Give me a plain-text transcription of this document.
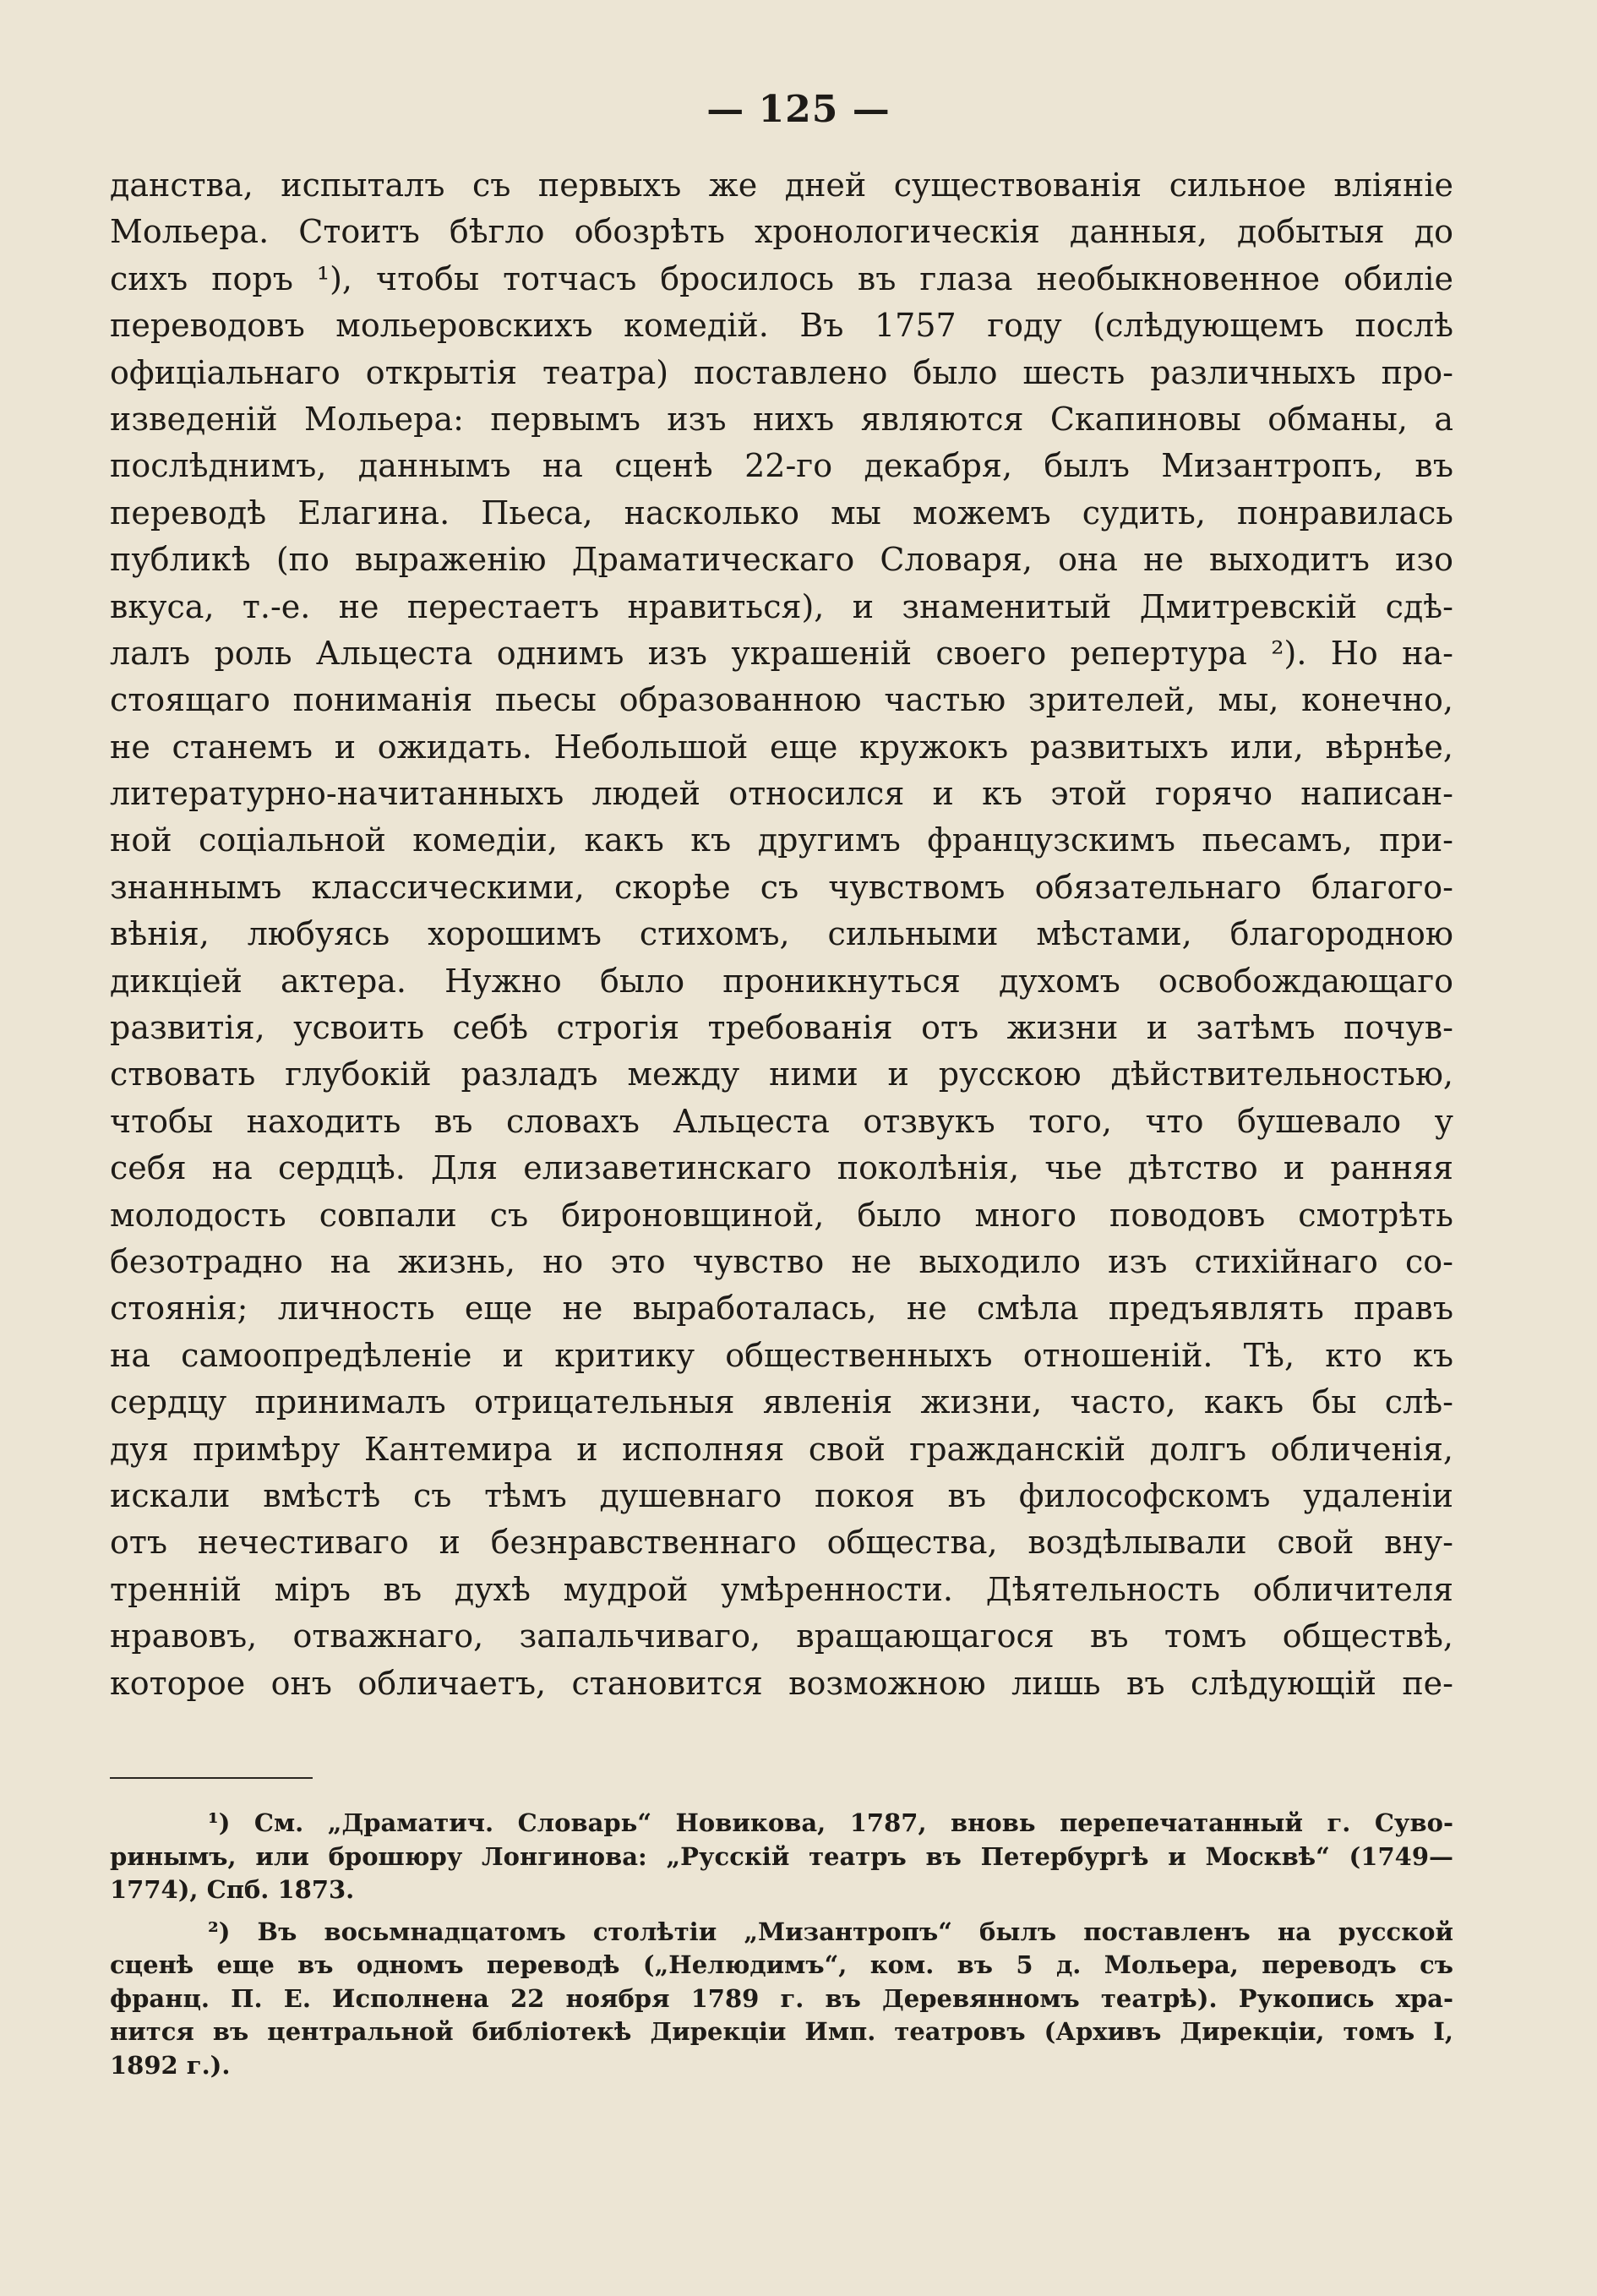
— 125 —
данства, испыталъ съ первыхъ же дней существованія сильное вліяніе
Мольера. Стоитъ бѣгло обозрѣть хронологическія данныя, добытыя до
сихъ поръ ¹), чтобы тотчасъ бросилось въ глаза необыкновенное обиліе
переводовъ мольеровскихъ комедій. Въ 1757 году (слѣдующемъ послѣ
офиціальнаго открытія театра) поставлено было шесть различныхъ про-
изведеній Мольера: первымъ изъ нихъ являются Скапиновы обманы, а
послѣднимъ, даннымъ на сценѣ 22-го декабря, былъ Мизантропъ, въ
переводѣ Елагина. Пьеса, насколько мы можемъ судить, понравилась
публикѣ (по выраженію Драматическаго Словаря, она не выходитъ изо
вкуса, т.-е. не перестаетъ нравиться), и знаменитый Дмитревскій сдѣ-
лалъ роль Альцеста однимъ изъ украшеній своего репертура ²). Но на-
стоящаго пониманія пьесы образованною частью зрителей, мы, конечно,
не станемъ и ожидать. Небольшой еще кружокъ развитыхъ или, вѣрнѣе,
литературно-начитанныхъ людей относился и къ этой горячо написан-
ной соціальной комедіи, какъ къ другимъ французскимъ пьесамъ, при-
знаннымъ классическими, скорѣе съ чувствомъ обязательнаго благого-
вѣнія, любуясь хорошимъ стихомъ, сильными мѣстами, благородною
дикціей актера. Нужно было проникнуться духомъ освобождающаго
развитія, усвоить себѣ строгія требованія отъ жизни и затѣмъ почув-
ствовать глубокій разладъ между ними и русскою дѣйствительностью,
чтобы находить въ словахъ Альцеста отзвукъ того, что бушевало у
себя на сердцѣ. Для елизаветинскаго поколѣнія, чье дѣтство и ранняя
молодость совпали съ бироновщиной, было много поводовъ смотрѣть
безотрадно на жизнь, но это чувство не выходило изъ стихійнаго со-
стоянія; личность еще не выработалась, не смѣла предъявлять правъ
на самоопредѣленіе и критику общественныхъ отношеній. Тѣ, кто къ
сердцу принималъ отрицательныя явленія жизни, часто, какъ бы слѣ-
дуя примѣру Кантемира и исполняя свой гражданскій долгъ обличенія,
искали вмѣстѣ съ тѣмъ душевнаго покоя въ философскомъ удаленіи
отъ нечестиваго и безнравственнаго общества, воздѣлывали свой вну-
тренній міръ въ духѣ мудрой умѣренности. Дѣятельность обличителя
нравовъ, отважнаго, запальчиваго, вращающагося въ томъ обществѣ,
которое онъ обличаетъ, становится возможною лишь въ слѣдующій пе-
¹) См. „Драматич. Словарь“ Новикова, 1787, вновь перепечатанный г. Суво-
ринымъ, или брошюру Лонгинова: „Русскій театръ въ Петербургѣ и Москвѣ“ (1749—
1774), Спб. 1873.
²) Въ восьмнадцатомъ столѣтіи „Мизантропъ“ былъ поставленъ на русской
сценѣ еще въ одномъ переводѣ („Нелюдимъ“, ком. въ 5 д. Мольера, переводъ съ
франц. П. Е. Исполнена 22 ноября 1789 г. въ Деревянномъ театрѣ). Рукопись хра-
нится въ центральной библіотекѣ Дирекціи Имп. театровъ (Архивъ Дирекціи, томъ I,
1892 г.).
